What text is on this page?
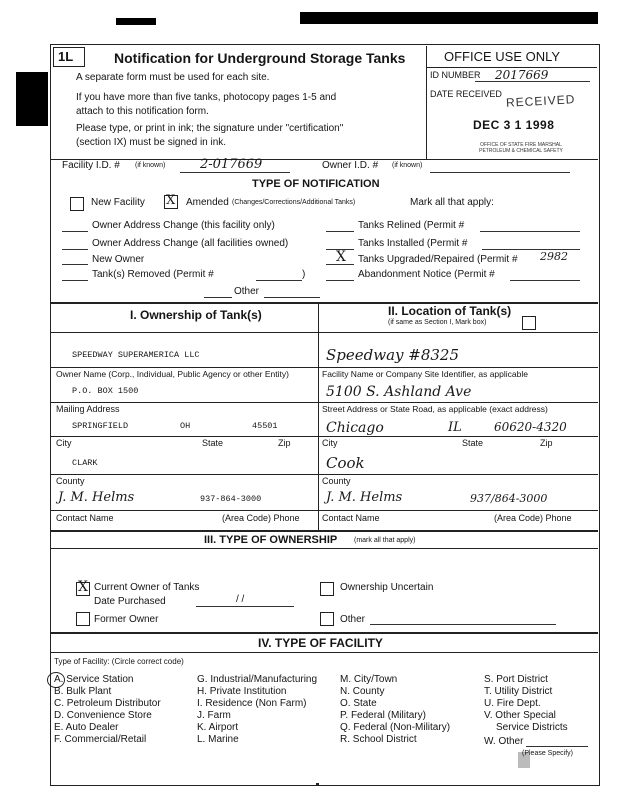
1L	Notification for Underground Storage Tanks	OFFICE USE ONLY
ID NUMBER 2017669
DATE RECEIVED RECEIVED
DEC 3 1 1998
OFFICE OF STATE FIRE MARSHAL PETROLEUM & CHEMICAL SAFETY
A separate form must be used for each site.
If you have more than five tanks, photocopy pages 1-5 and attach to this notification form.
Please type, or print in ink; the signature under "certification" (section IX) must be signed in ink.
Facility I.D. # (if known)	2-017669	Owner I.D. # (if known)
TYPE OF NOTIFICATION
New Facility X Amended (Changes/Corrections/Additional Tanks)	Mark all that apply:
Owner Address Change (this facility only)
Owner Address Change (all facilities owned)
New Owner
Tank(s) Removed (Permit #	)
Tanks Relined (Permit #
Tanks Installed (Permit #
X Tanks Upgraded/Repaired (Permit # 2982
Abandonment Notice (Permit #
Other
I. Ownership of Tank(s)	II. Location of Tank(s)
(if same as Section I, Mark box)
SPEEDWAY SUPERAMERICA LLC
Owner Name (Corp., Individual, Public Agency or other Entity)
P.O. BOX 1500
Mailing Address
SPRINGFIELD	OH	45501
City	State	Zip
CLARK
County
J. M. Helms	937-864-3000
Contact Name	(Area Code) Phone
Speedway #8325
Facility Name or Company Site Identifier, as applicable
5100 S. Ashland Ave
Street Address or State Road, as applicable (exact address)
Chicago	IL	60620-4320
City	State	Zip
Cook
County
J. M. Helms	937/864-3000
Contact Name	(Area Code) Phone
III. TYPE OF OWNERSHIP (mark all that apply)
X Current Owner of Tanks
Date Purchased	/ /
Former Owner
Ownership Uncertain
Other
IV. TYPE OF FACILITY
Type of Facility: (Circle correct code)
A. Service Station
B. Bulk Plant
C. Petroleum Distributor
D. Convenience Store
E. Auto Dealer
F. Commercial/Retail
G. Industrial/Manufacturing
H. Private Institution
I. Residence (Non Farm)
J. Farm
K. Airport
L. Marine
M. City/Town
N. County
O. State
P. Federal (Military)
Q. Federal (Non-Military)
R. School District
S. Port District
T. Utility District
U. Fire Dept.
V. Other Special
Service Districts
W. Other
(Please Specify)
